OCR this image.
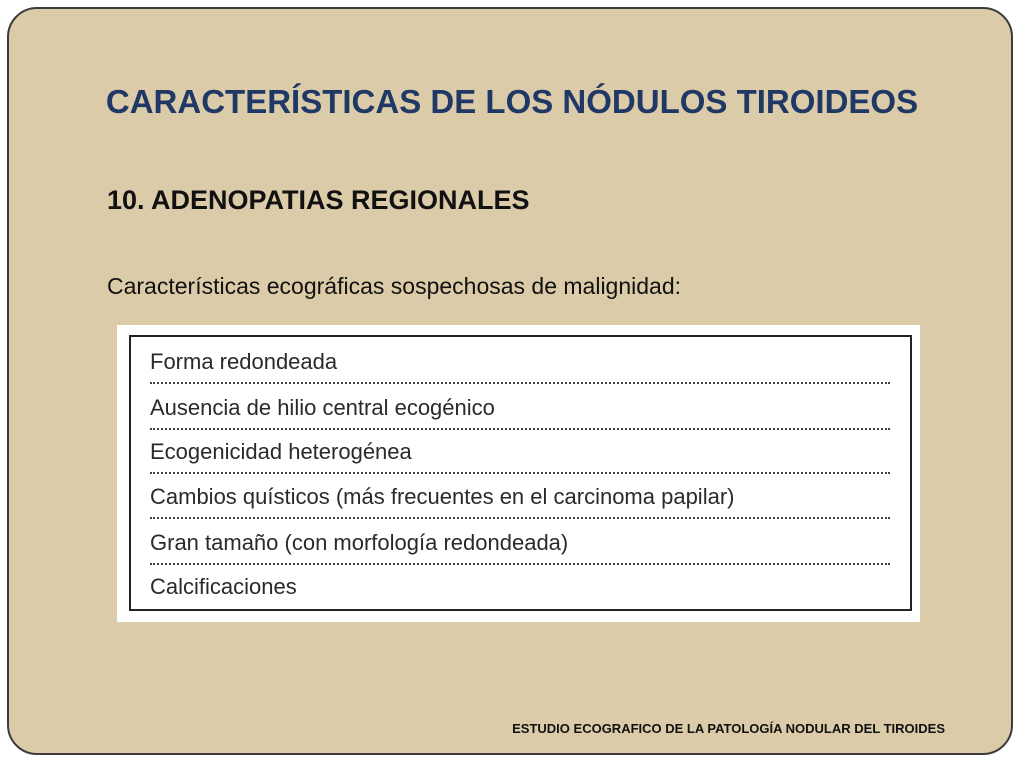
CARACTERÍSTICAS DE LOS NÓDULOS TIROIDEOS
10. ADENOPATIAS REGIONALES
Características ecográficas sospechosas de malignidad:
Forma redondeada
Ausencia de hilio central ecogénico
Ecogenicidad heterogénea
Cambios quísticos (más frecuentes en el carcinoma papilar)
Gran tamaño (con morfología redondeada)
Calcificaciones
ESTUDIO ECOGRAFICO DE LA PATOLOGÍA NODULAR DEL TIROIDES
